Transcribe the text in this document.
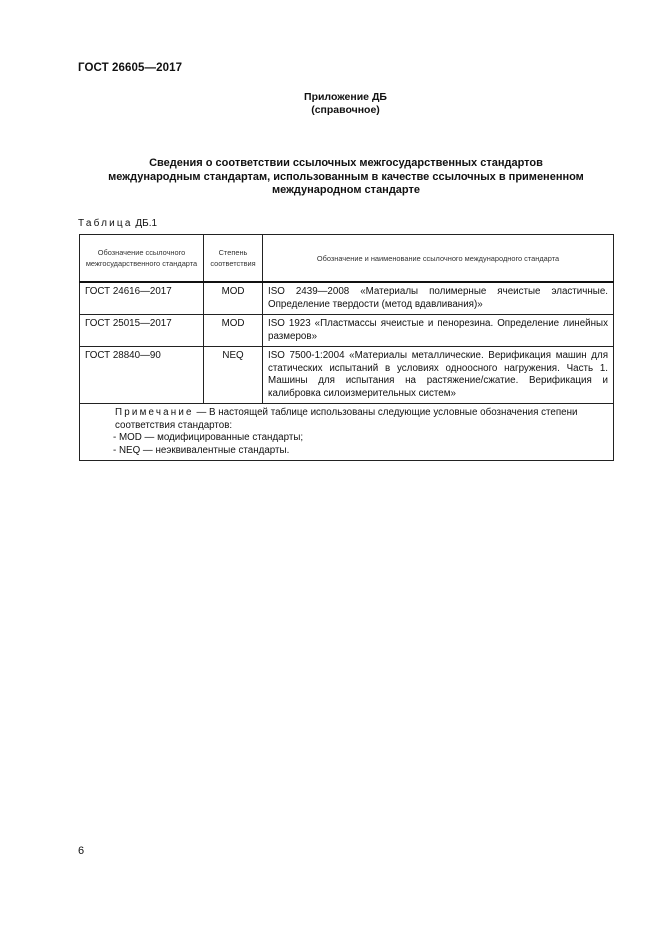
ГОСТ 26605—2017
Приложение ДБ
(справочное)
Сведения о соответствии ссылочных межгосударственных стандартов
международным стандартам, использованным в качестве ссылочных в примененном
международном стандарте
Таблица ДБ.1
Обозначение ссылочного межгосударственного стандарта	Степень соответствия	Обозначение и наименование ссылочного международного стандарта
ГОСТ 24616—2017	MOD	ISO 2439—2008 «Материалы полимерные ячеистые эластичные. Определение твердости (метод вдавливания)»
ГОСТ 25015—2017	MOD	ISO 1923 «Пластмассы ячеистые и пенорезина. Определение линейных размеров»
ГОСТ 28840—90	NEQ	ISO 7500-1:2004 «Материалы металлические. Верификация машин для статических испытаний в условиях одноосного нагружения. Часть 1. Машины для испытания на растяжение/сжатие. Верификация и калибровка силоизмерительных систем»

Примечание — В настоящей таблице использованы следующие условные обозначения степени соответствия стандартов:
- MOD — модифицированные стандарты;
- NEQ — неэквивалентные стандарты.		
6
